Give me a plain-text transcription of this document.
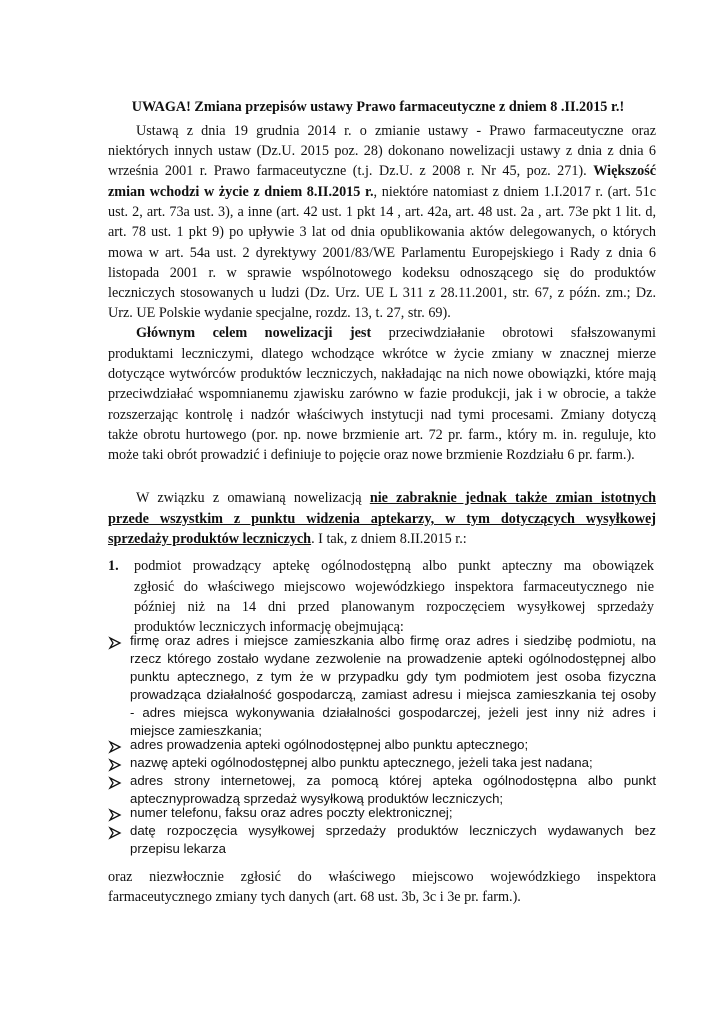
UWAGA! Zmiana przepisów ustawy Prawo farmaceutyczne z dniem 8 .II.2015 r.!
Ustawą z dnia 19 grudnia 2014 r. o zmianie ustawy - Prawo farmaceutyczne oraz
niektórych innych ustaw (Dz.U. 2015 poz. 28) dokonano nowelizacji ustawy z dnia z dnia 6
września 2001 r. Prawo farmaceutyczne (t.j. Dz.U. z 2008 r. Nr 45, poz. 271). Większość
zmian wchodzi w życie z dniem 8.II.2015 r., niektóre natomiast z dniem 1.I.2017 r. (art. 51c
ust. 2, art. 73a ust. 3), a inne (art. 42 ust. 1 pkt 14 , art. 42a, art. 48 ust. 2a , art. 73e pkt 1 lit. d,
art. 78 ust. 1 pkt 9) po upływie 3 lat od dnia opublikowania aktów delegowanych, o których
mowa w art. 54a ust. 2 dyrektywy 2001/83/WE Parlamentu Europejskiego i Rady z dnia 6
listopada 2001 r. w sprawie wspólnotowego kodeksu odnoszącego się do produktów
leczniczych stosowanych u ludzi (Dz. Urz. UE L 311 z 28.11.2001, str. 67, z późn. zm.; Dz.
Urz. UE Polskie wydanie specjalne, rozdz. 13, t. 27, str. 69).
Głównym celem nowelizacji jest przeciwdziałanie obrotowi sfałszowanymi
produktami leczniczymi, dlatego wchodzące wkrótce w życie zmiany w znacznej mierze
dotyczące wytwórców produktów leczniczych, nakładając na nich nowe obowiązki, które mają
przeciwdziałać wspomnianemu zjawisku zarówno w fazie produkcji, jak i w obrocie, a także
rozszerzając kontrolę i nadzór właściwych instytucji nad tymi procesami. Zmiany dotyczą
także obrotu hurtowego (por. np. nowe brzmienie art. 72 pr. farm., który m. in. reguluje, kto
może taki obrót prowadzić i definiuje to pojęcie oraz nowe brzmienie Rozdziału 6 pr. farm.).
W związku z omawianą nowelizacją nie zabraknie jednak także zmian istotnych
przede wszystkim z punktu widzenia aptekarzy, w tym dotyczących wysyłkowej
sprzedaży produktów leczniczych. I tak, z dniem 8.II.2015 r.:
1. podmiot prowadzący aptekę ogólnodostępną albo punkt apteczny ma obowiązek
zgłosić do właściwego miejscowo wojewódzkiego inspektora farmaceutycznego nie
później niż na 14 dni przed planowanym rozpoczęciem wysyłkowej sprzedaży
produktów leczniczych informację obejmującą:
firmę oraz adres i miejsce zamieszkania albo firmę oraz adres i siedzibę podmiotu, na
rzecz którego zostało wydane zezwolenie na prowadzenie apteki ogólnodostępnej albo
punktu aptecznego, z tym że w przypadku gdy tym podmiotem jest osoba fizyczna
prowadząca działalność gospodarczą, zamiast adresu i miejsca zamieszkania tej osoby
- adres miejsca wykonywania działalności gospodarczej, jeżeli jest inny niż adres i
miejsce zamieszkania;
adres prowadzenia apteki ogólnodostępnej albo punktu aptecznego;
nazwę apteki ogólnodostępnej albo punktu aptecznego, jeżeli taka jest nadana;
adres strony internetowej, za pomocą której apteka ogólnodostępna albo punkt
aptecznyprowadzą sprzedaż wysyłkową produktów leczniczych;
numer telefonu, faksu oraz adres poczty elektronicznej;
datę rozpoczęcia wysyłkowej sprzedaży produktów leczniczych wydawanych bez
przepisu lekarza
oraz niezwłocznie zgłosić do właściwego miejscowo wojewódzkiego inspektora
farmaceutycznego zmiany tych danych (art. 68 ust. 3b, 3c i 3e pr. farm.).
